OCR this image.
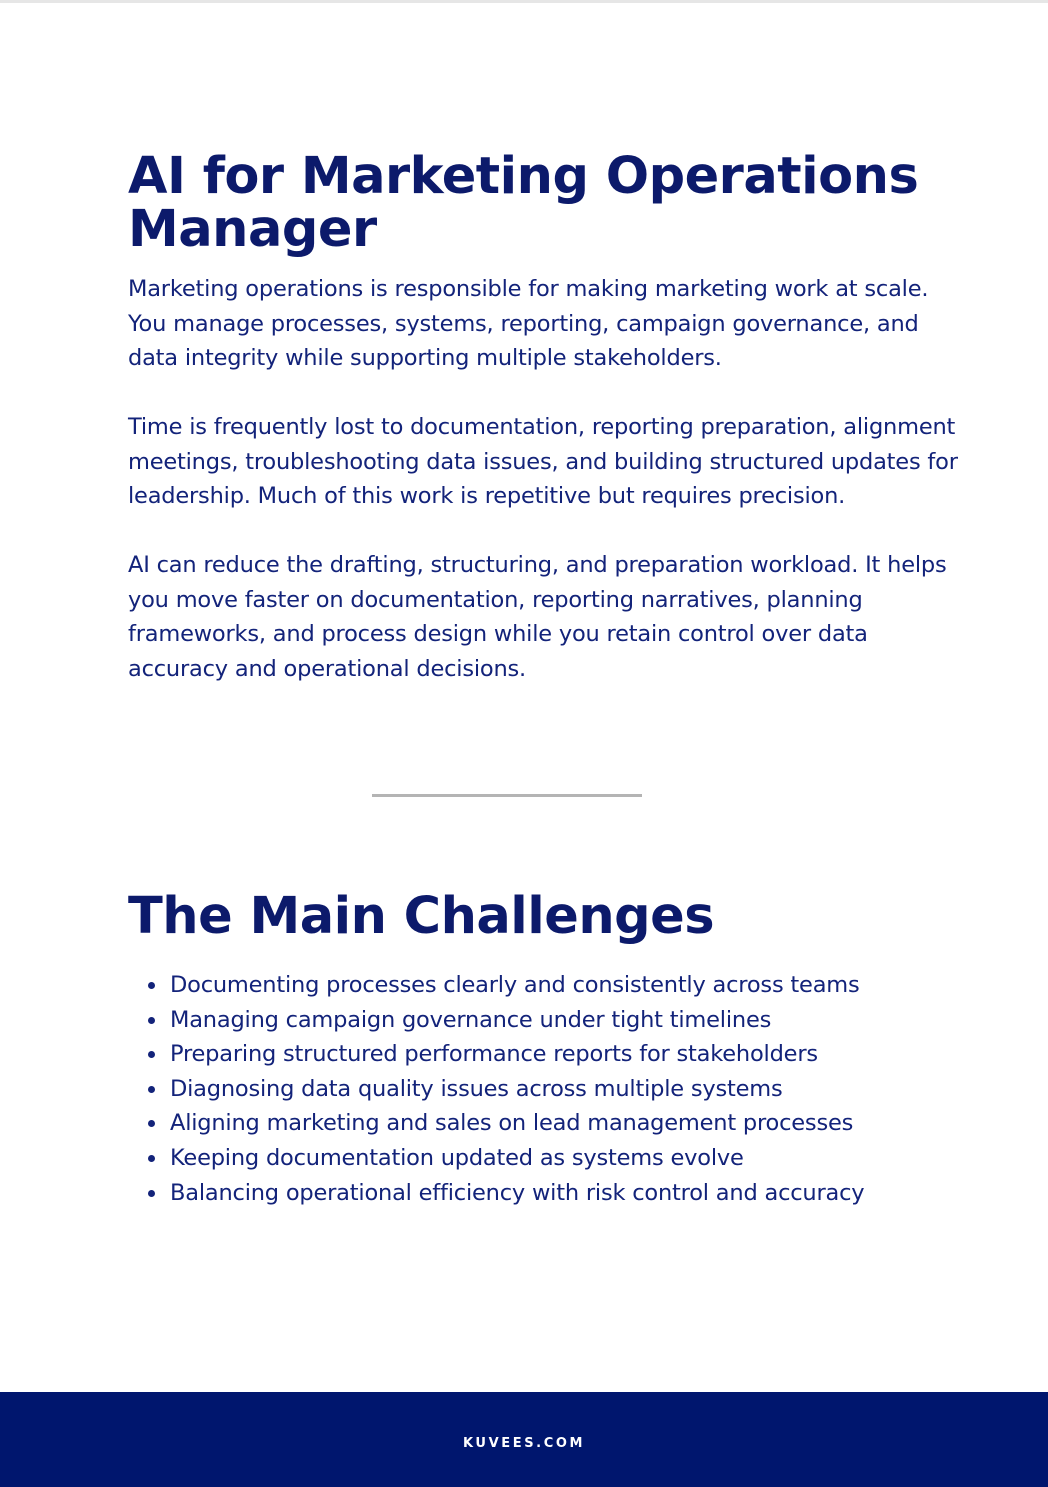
AI for Marketing Operations Manager

Marketing operations is responsible for making marketing work at scale. You manage processes, systems, reporting, campaign governance, and data integrity while supporting multiple stakeholders.

Time is frequently lost to documentation, reporting preparation, alignment meetings, troubleshooting data issues, and building structured updates for leadership. Much of this work is repetitive but requires precision.

AI can reduce the drafting, structuring, and preparation workload. It helps you move faster on documentation, reporting narratives, planning frameworks, and process design while you retain control over data accuracy and operational decisions.

The Main Challenges
Documenting processes clearly and consistently across teams
Managing campaign governance under tight timelines
Preparing structured performance reports for stakeholders
Diagnosing data quality issues across multiple systems
Aligning marketing and sales on lead management processes
Keeping documentation updated as systems evolve
Balancing operational efficiency with risk control and accuracy
KUVEES.COM
